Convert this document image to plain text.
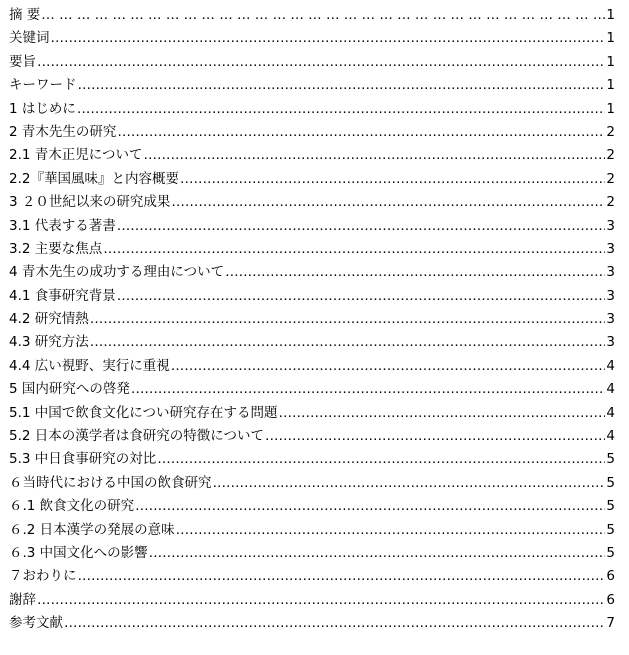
摘 要 … … … … … … … … … … … … … … … … … … … … … … … … … … … … … … … … … … … … … … … …	1
关键词 …………………………………………………………………………………………………………………………………………………………………………………………	1
要旨 …………………………………………………………………………………………………………………………………………………………………………………………	1
キーワード …………………………………………………………………………………………………………………………………………………………………………………………	1
1 はじめに …………………………………………………………………………………………………………………………………………………………………………………………	1
2 青木先生の研究 …………………………………………………………………………………………………………………………………………………………………………………………	2
2.1 青木正児について …………………………………………………………………………………………………………………………………………………………………………………………	2
2.2『華国風味』と内容概要 …………………………………………………………………………………………………………………………………………………………………………………………	2
3 ２０世紀以来の研究成果 …………………………………………………………………………………………………………………………………………………………………………………………	2
3.1 代表する著書 …………………………………………………………………………………………………………………………………………………………………………………………	3
3.2 主要な焦点 …………………………………………………………………………………………………………………………………………………………………………………………	3
4 青木先生の成功する理由について …………………………………………………………………………………………………………………………………………………………………………………………	3
4.1 食事研究背景 …………………………………………………………………………………………………………………………………………………………………………………………	3
4.2 研究情熱 …………………………………………………………………………………………………………………………………………………………………………………………	3
4.3 研究方法 …………………………………………………………………………………………………………………………………………………………………………………………	3
4.4 広い視野、実行に重視 …………………………………………………………………………………………………………………………………………………………………………………………	4
5 国内研究への啓発 …………………………………………………………………………………………………………………………………………………………………………………………	4
5.1 中国で飲食文化につい研究存在する問題 …………………………………………………………………………………………………………………………………………………………………………………………	4
5.2 日本の漢学者は食研究の特徴について …………………………………………………………………………………………………………………………………………………………………………………………	4
5.3 中日食事研究の対比 …………………………………………………………………………………………………………………………………………………………………………………………	5
６当時代における中国の飲食研究 …………………………………………………………………………………………………………………………………………………………………………………………	5
６.1 飲食文化の研究 …………………………………………………………………………………………………………………………………………………………………………………………	5
６.2 日本漢学の発展の意味 …………………………………………………………………………………………………………………………………………………………………………………………	5
６.3 中国文化への影響 …………………………………………………………………………………………………………………………………………………………………………………………	5
７おわりに …………………………………………………………………………………………………………………………………………………………………………………………	6
謝辞 …………………………………………………………………………………………………………………………………………………………………………………………	6
参考文献 …………………………………………………………………………………………………………………………………………………………………………………………	7
